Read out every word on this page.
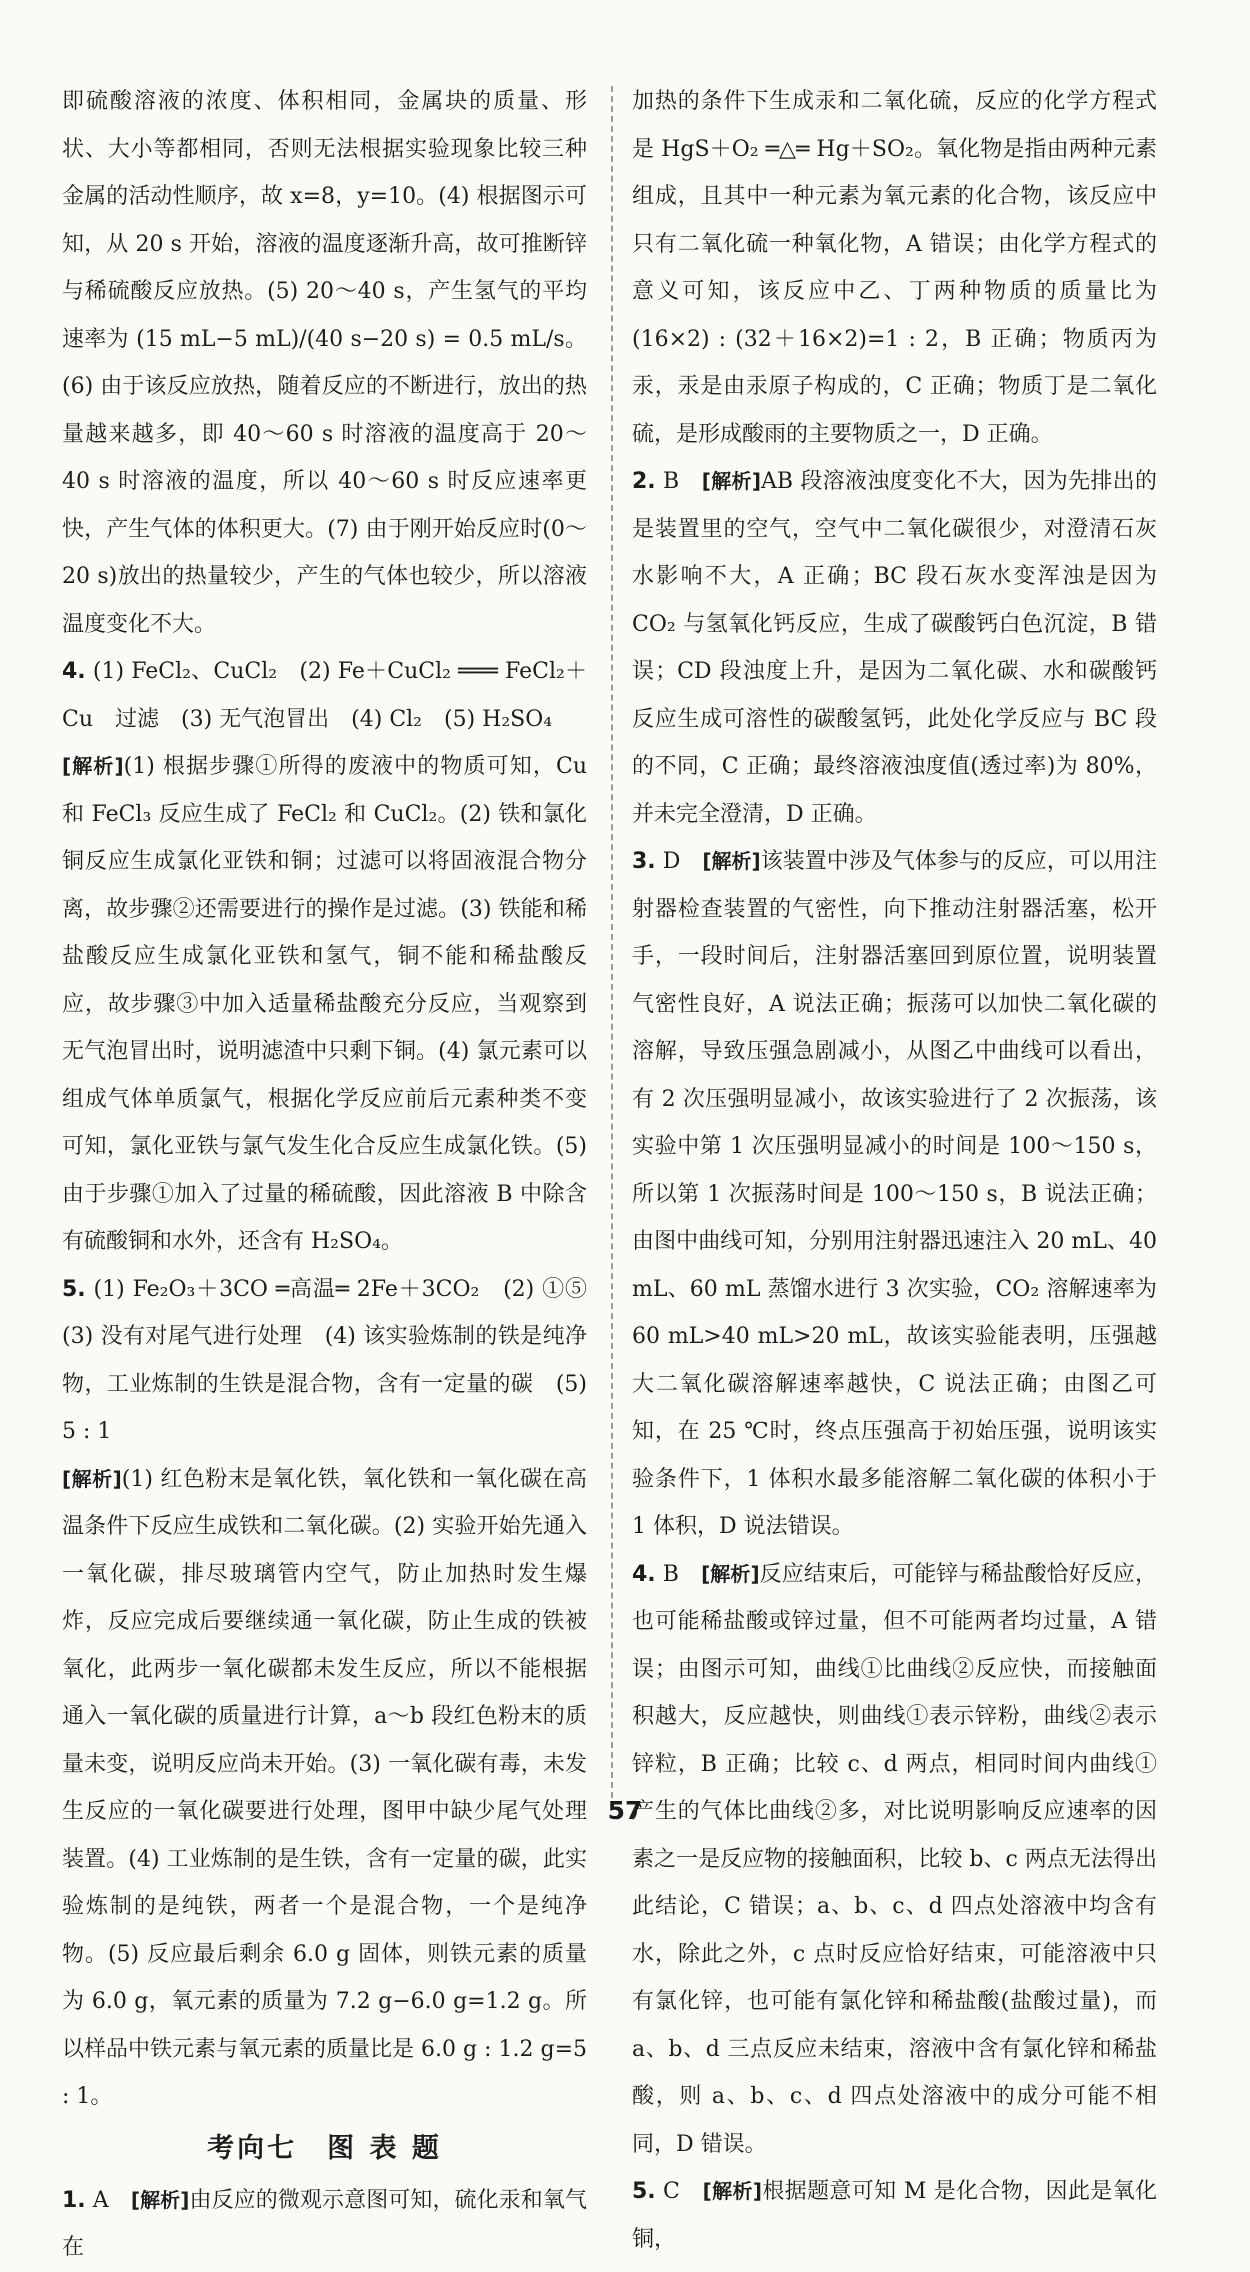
即硫酸溶液的浓度、体积相同，金属块的质量、形状、大小等都相同，否则无法根据实验现象比较三种金属的活动性顺序，故 x=8，y=10。(4) 根据图示可知，从 20 s 开始，溶液的温度逐渐升高，故可推断锌与稀硫酸反应放热。(5) 20～40 s，产生氢气的平均速率为 (15 mL−5 mL)/(40 s−20 s) = 0.5 mL/s。(6) 由于该反应放热，随着反应的不断进行，放出的热量越来越多，即 40～60 s 时溶液的温度高于 20～40 s 时溶液的温度，所以 40～60 s 时反应速率更快，产生气体的体积更大。(7) 由于刚开始反应时(0～20 s)放出的热量较少，产生的气体也较少，所以溶液温度变化不大。

4. (1) FeCl₂、CuCl₂　(2) Fe＋CuCl₂ ═══ FeCl₂＋Cu　过滤　(3) 无气泡冒出　(4) Cl₂　(5) H₂SO₄

[解析](1) 根据步骤①所得的废液中的物质可知，Cu 和 FeCl₃ 反应生成了 FeCl₂ 和 CuCl₂。(2) 铁和氯化铜反应生成氯化亚铁和铜；过滤可以将固液混合物分离，故步骤②还需要进行的操作是过滤。(3) 铁能和稀盐酸反应生成氯化亚铁和氢气，铜不能和稀盐酸反应，故步骤③中加入适量稀盐酸充分反应，当观察到无气泡冒出时，说明滤渣中只剩下铜。(4) 氯元素可以组成气体单质氯气，根据化学反应前后元素种类不变可知，氯化亚铁与氯气发生化合反应生成氯化铁。(5) 由于步骤①加入了过量的稀硫酸，因此溶液 B 中除含有硫酸铜和水外，还含有 H₂SO₄。

5. (1) Fe₂O₃＋3CO ═高温═ 2Fe＋3CO₂　(2) ①⑤　(3) 没有对尾气进行处理　(4) 该实验炼制的铁是纯净物，工业炼制的生铁是混合物，含有一定量的碳　(5) 5 : 1

[解析](1) 红色粉末是氧化铁，氧化铁和一氧化碳在高温条件下反应生成铁和二氧化碳。(2) 实验开始先通入一氧化碳，排尽玻璃管内空气，防止加热时发生爆炸，反应完成后要继续通一氧化碳，防止生成的铁被氧化，此两步一氧化碳都未发生反应，所以不能根据通入一氧化碳的质量进行计算，a～b 段红色粉末的质量未变，说明反应尚未开始。(3) 一氧化碳有毒，未发生反应的一氧化碳要进行处理，图甲中缺少尾气处理装置。(4) 工业炼制的是生铁，含有一定量的碳，此实验炼制的是纯铁，两者一个是混合物，一个是纯净物。(5) 反应最后剩余 6.0 g 固体，则铁元素的质量为 6.0 g，氧元素的质量为 7.2 g−6.0 g=1.2 g。所以样品中铁元素与氧元素的质量比是 6.0 g : 1.2 g=5 : 1。

考向七　图 表 题

1. A　 [解析]由反应的微观示意图可知，硫化汞和氧气在

加热的条件下生成汞和二氧化硫，反应的化学方程式是 HgS＋O₂ ═△═ Hg＋SO₂。氧化物是指由两种元素组成，且其中一种元素为氧元素的化合物，该反应中只有二氧化硫一种氧化物，A 错误；由化学方程式的意义可知，该反应中乙、丁两种物质的质量比为(16×2) : (32＋16×2)=1 : 2，B 正确；物质丙为汞，汞是由汞原子构成的，C 正确；物质丁是二氧化硫，是形成酸雨的主要物质之一，D 正确。

2. B　 [解析]AB 段溶液浊度变化不大，因为先排出的是装置里的空气，空气中二氧化碳很少，对澄清石灰水影响不大，A 正确；BC 段石灰水变浑浊是因为 CO₂ 与氢氧化钙反应，生成了碳酸钙白色沉淀，B 错误；CD 段浊度上升，是因为二氧化碳、水和碳酸钙反应生成可溶性的碳酸氢钙，此处化学反应与 BC 段的不同，C 正确；最终溶液浊度值(透过率)为 80%，并未完全澄清，D 正确。

3. D　 [解析]该装置中涉及气体参与的反应，可以用注射器检查装置的气密性，向下推动注射器活塞，松开手，一段时间后，注射器活塞回到原位置，说明装置气密性良好，A 说法正确；振荡可以加快二氧化碳的溶解，导致压强急剧减小，从图乙中曲线可以看出，有 2 次压强明显减小，故该实验进行了 2 次振荡，该实验中第 1 次压强明显减小的时间是 100～150 s，所以第 1 次振荡时间是 100～150 s，B 说法正确；由图中曲线可知，分别用注射器迅速注入 20 mL、40 mL、60 mL 蒸馏水进行 3 次实验，CO₂ 溶解速率为 60 mL>40 mL>20 mL，故该实验能表明，压强越大二氧化碳溶解速率越快，C 说法正确；由图乙可知，在 25 ℃时，终点压强高于初始压强，说明该实验条件下，1 体积水最多能溶解二氧化碳的体积小于 1 体积，D 说法错误。

4. B　 [解析]反应结束后，可能锌与稀盐酸恰好反应，也可能稀盐酸或锌过量，但不可能两者均过量，A 错误；由图示可知，曲线①比曲线②反应快，而接触面积越大，反应越快，则曲线①表示锌粉，曲线②表示锌粒，B 正确；比较 c、d 两点，相同时间内曲线①产生的气体比曲线②多，对比说明影响反应速率的因素之一是反应物的接触面积，比较 b、c 两点无法得出此结论，C 错误；a、b、c、d 四点处溶液中均含有水，除此之外，c 点时反应恰好结束，可能溶液中只有氯化锌，也可能有氯化锌和稀盐酸(盐酸过量)，而 a、b、d 三点反应未结束，溶液中含有氯化锌和稀盐酸，则 a、b、c、d 四点处溶液中的成分可能不相同，D 错误。

5. C　 [解析]根据题意可知 M 是化合物，因此是氧化铜，

57
